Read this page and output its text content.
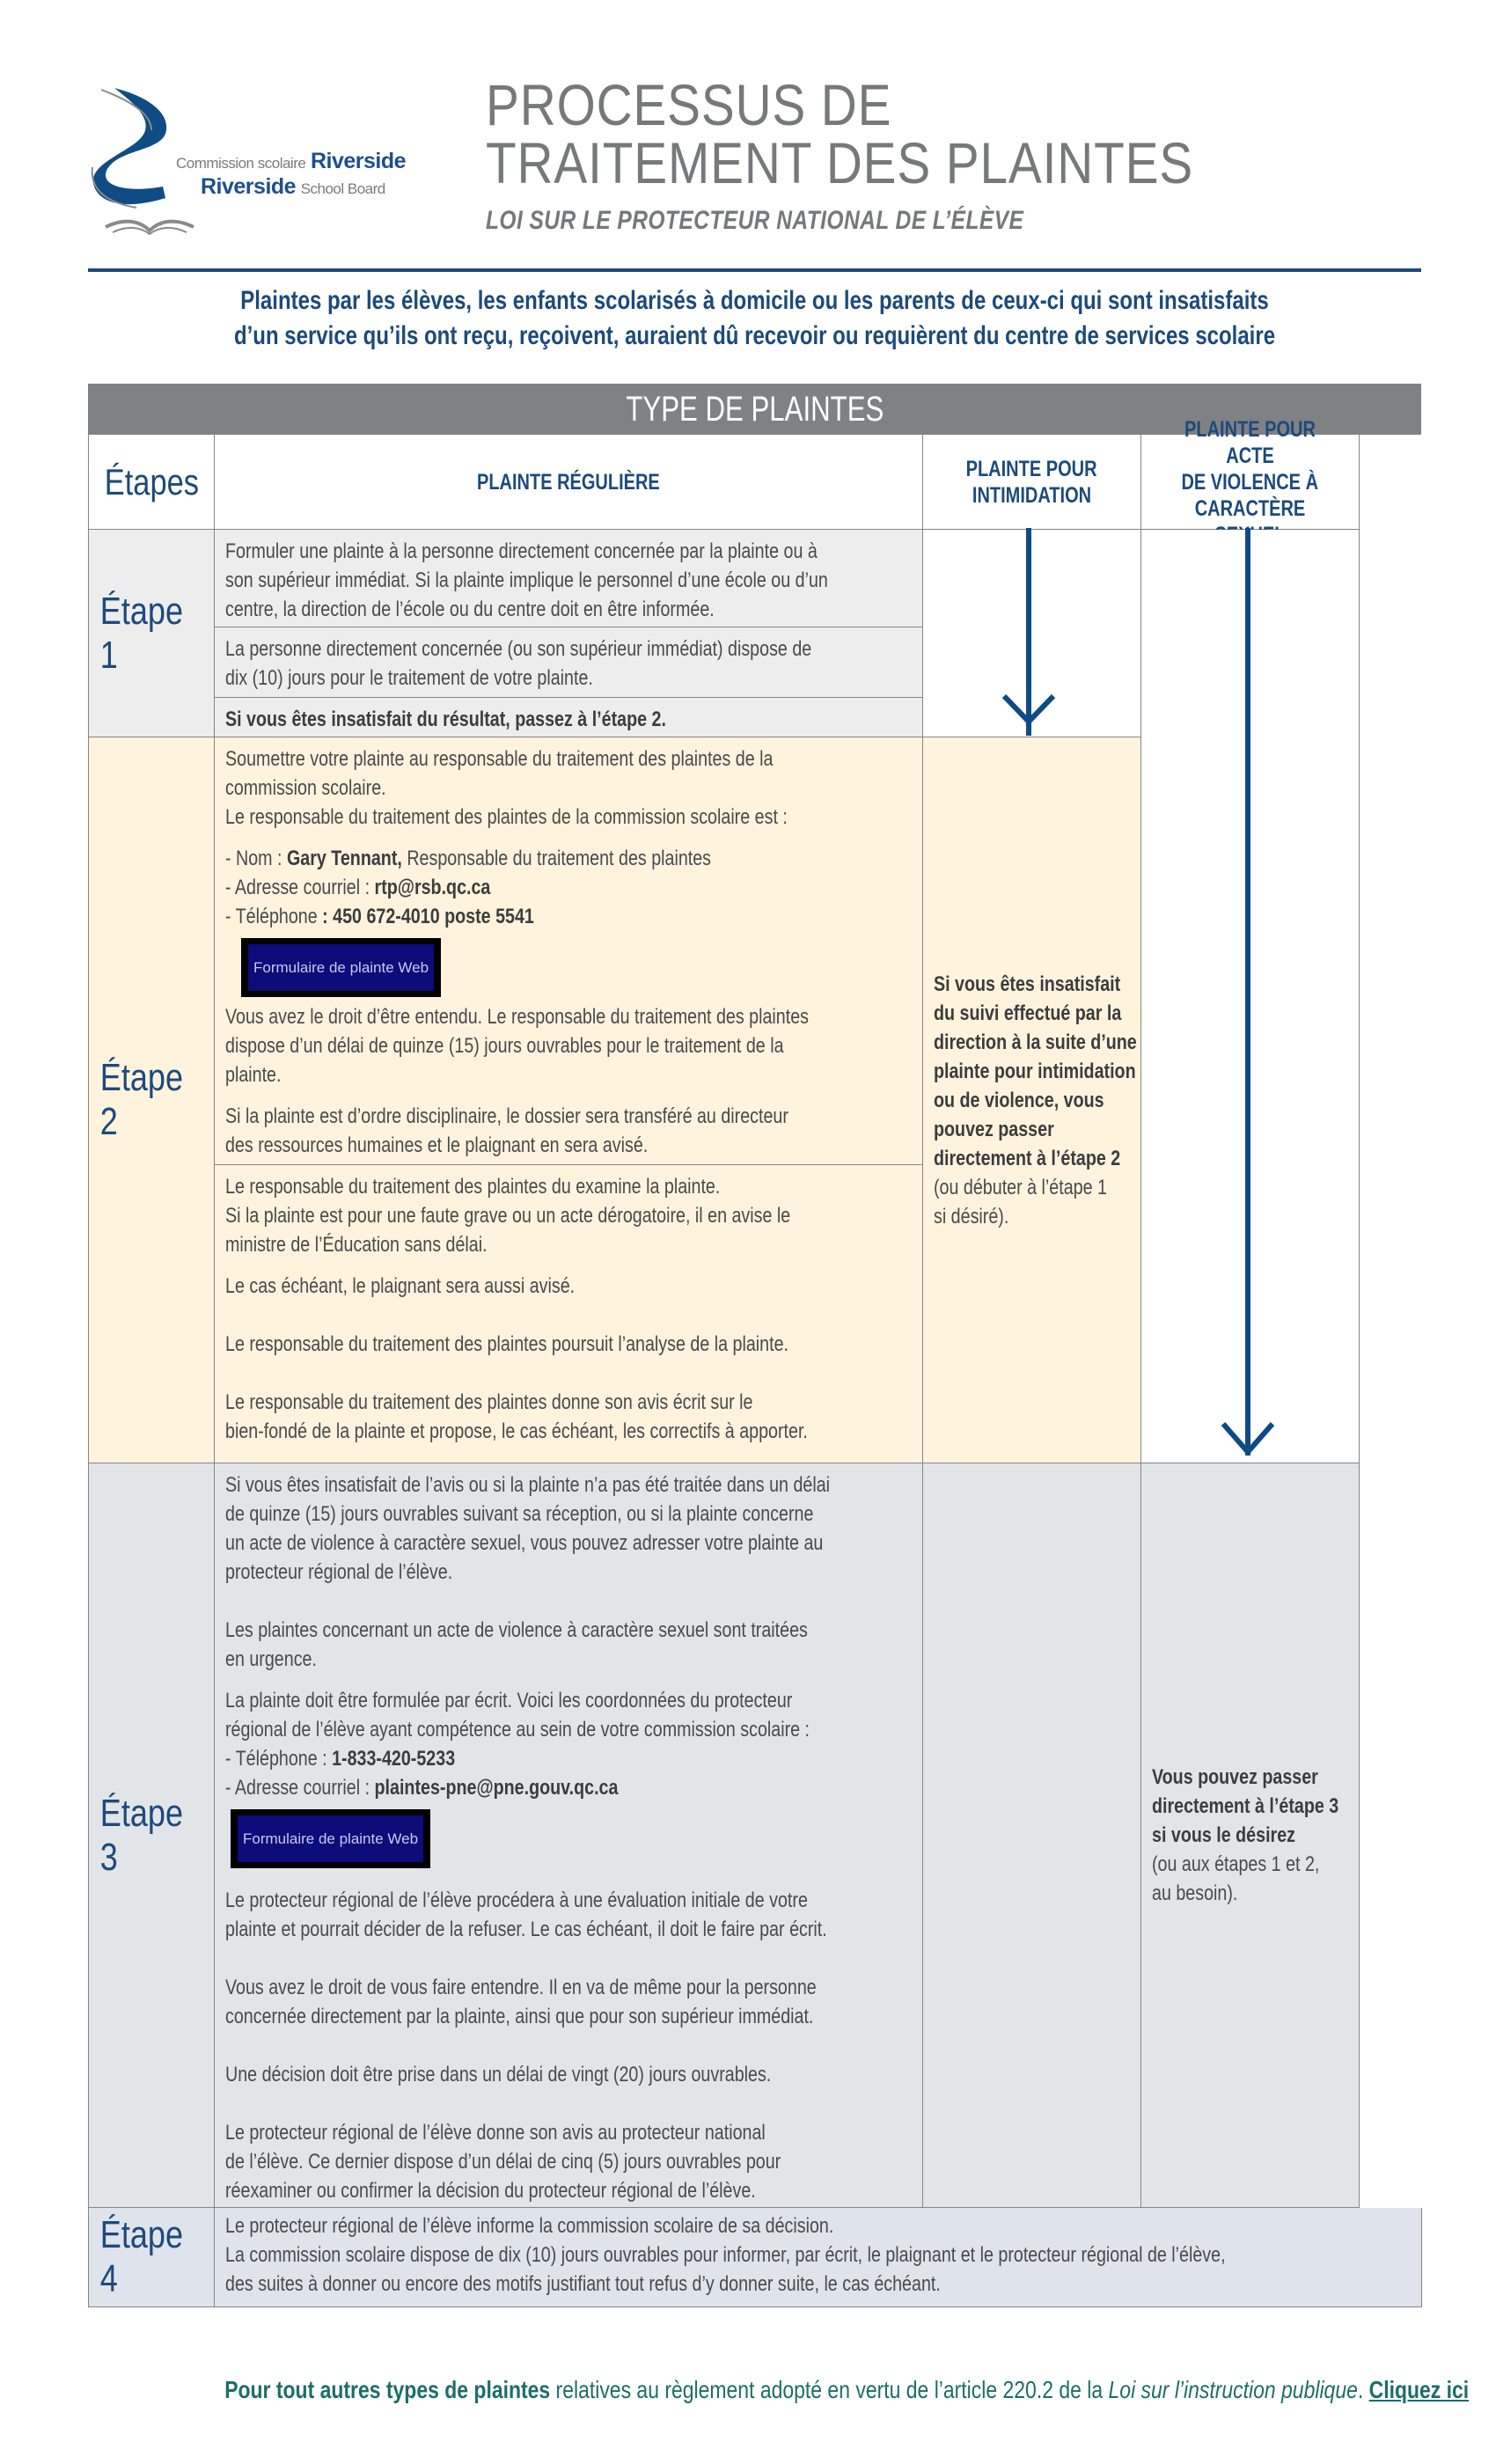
Commission scolaire Riverside
Riverside School Board
PROCESSUS DE
TRAITEMENT DES PLAINTES
LOI SUR LE PROTECTEUR NATIONAL DE L’ÉLÈVE
Plaintes par les élèves, les enfants scolarisés à domicile ou les parents de ceux-ci qui sont insatisfaits
d’un service qu’ils ont reçu, reçoivent, auraient dû recevoir ou requièrent du centre de services scolaire
TYPE DE PLAINTES
Étapes	PLAINTE RÉGULIÈRE
PLAINTE POUR
INTIMIDATION
PLAINTE POUR ACTE
DE VIOLENCE À
CARACTÈRE
Étape 1

Formuler une plainte à la personne directement concernée par la plainte ou à

son supérieur immédiat. Si la plainte implique le personnel d’une école ou d’un

centre, la direction de l’école ou du centre doit en être informée.

La personne directement concernée (ou son supérieur immédiat) dispose de

dix (10) jours pour le traitement de votre plainte.

Si vous êtes insatisfait du résultat, passez à l’étape 2.

Étape 2

Soumettre votre plainte au responsable du traitement des plaintes de la

commission scolaire.

Le responsable du traitement des plaintes de la commission scolaire est :

- Nom : Gary Tennant, Responsable du traitement des plaintes

- Adresse courriel : rtp@rsb.qc.ca

- Téléphone : 450 672-4010 poste 5541

Formulaire de plainte Web

Vous avez le droit d’être entendu. Le responsable du traitement des plaintes

dispose d’un délai de quinze (15) jours ouvrables pour le traitement de la

plainte.

Si la plainte est d’ordre disciplinaire, le dossier sera transféré au directeur

des ressources humaines et le plaignant en sera avisé.

Le responsable du traitement des plaintes du examine la plainte.

Si la plainte est pour une faute grave ou un acte dérogatoire, il en avise le

ministre de l’Éducation sans délai.

Le cas échéant, le plaignant sera aussi avisé.

Le responsable du traitement des plaintes poursuit l’analyse de la plainte.

Le responsable du traitement des plaintes donne son avis écrit sur le

bien-fondé de la plainte et propose, le cas échéant, les correctifs à apporter.

Si vous êtes insatisfait

du suivi effectué par la

direction à la suite d’une

plainte pour intimidation

ou de violence, vous

pouvez passer

directement à l’étape 2

(ou débuter à l’étape 1

si désiré).

Étape 3

Si vous êtes insatisfait de l’avis ou si la plainte n’a pas été traitée dans un délai

de quinze (15) jours ouvrables suivant sa réception, ou si la plainte concerne

un acte de violence à caractère sexuel, vous pouvez adresser votre plainte au

protecteur régional de l’élève.

Les plaintes concernant un acte de violence à caractère sexuel sont traitées

en urgence.

La plainte doit être formulée par écrit. Voici les coordonnées du protecteur

régional de l’élève ayant compétence au sein de votre commission scolaire :

- Téléphone : 1-833-420-5233

- Adresse courriel : plaintes-pne@pne.gouv.qc.ca

Formulaire de plainte Web

Le protecteur régional de l’élève procédera à une évaluation initiale de votre

plainte et pourrait décider de la refuser. Le cas échéant, il doit le faire par écrit.

Vous avez le droit de vous faire entendre. Il en va de même pour la personne

concernée directement par la plainte, ainsi que pour son supérieur immédiat.

Une décision doit être prise dans un délai de vingt (20) jours ouvrables.

Le protecteur régional de l’élève donne son avis au protecteur national

de l’élève. Ce dernier dispose d’un délai de cinq (5) jours ouvrables pour

réexaminer ou confirmer la décision du protecteur régional de l’élève.

Vous pouvez passer

directement à l’étape 3

si vous le désirez

(ou aux étapes 1 et 2,

au besoin).

Étape 4

Le protecteur régional de l’élève informe la commission scolaire de sa décision.

La commission scolaire dispose de dix (10) jours ouvrables pour informer, par écrit, le plaignant et le protecteur régional de l’élève,

des suites à donner ou encore des motifs justifiant tout refus d’y donner suite, le cas échéant.

Pour tout autres types de plaintes relatives au règlement adopté en vertu de l’article 220.2 de la Loi sur l’instruction publique. Cliquez ici
